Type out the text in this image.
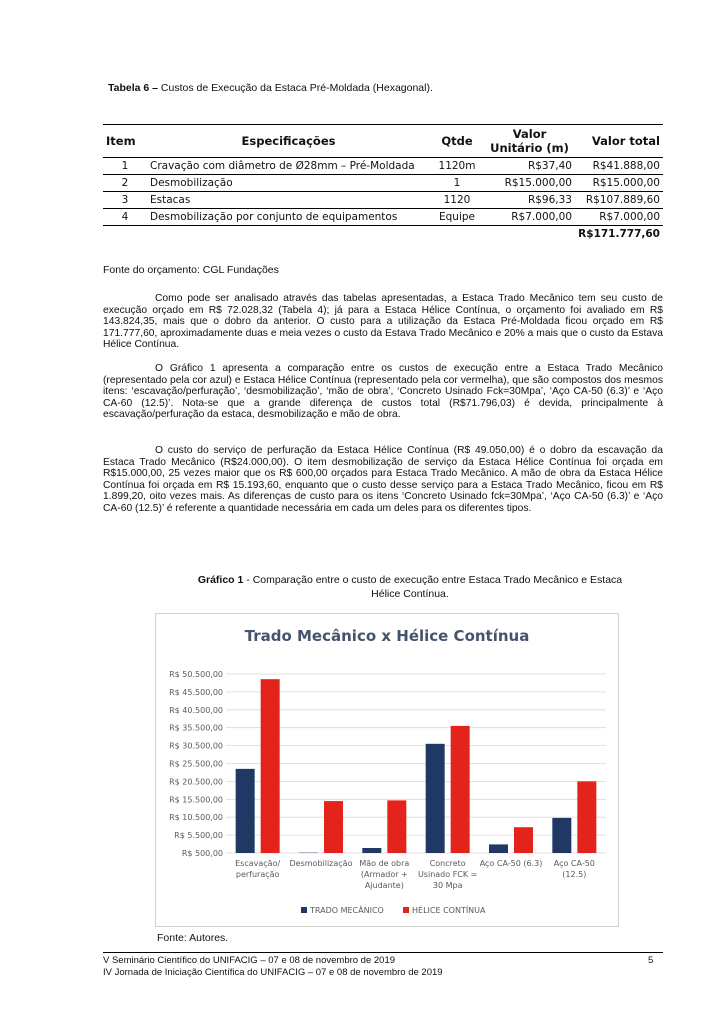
Tabela 6 – Custos de Execução da Estaca Pré-Moldada (Hexagonal).
Item	Especificações	Qtde	Valor Unitário (m)	Valor total
1	Cravação com diâmetro de Ø28mm – Pré-Moldada	1120m	R$37,40	R$41.888,00
2	Desmobilização	1	R$15.000,00	R$15.000,00
3	Estacas	1120	R$96,33	R$107.889,60
4	Desmobilização por conjunto de equipamentos	Equipe	R$7.000,00	R$7.000,00
				R$171.777,60
Fonte do orçamento: CGL Fundações

Como pode ser analisado através das tabelas apresentadas, a Estaca Trado Mecânico tem seu custo de execução orçado em R$ 72.028,32 (Tabela 4); já para a Estaca Hélice Contínua, o orçamento foi avaliado em R$ 143.824,35, mais que o dobro da anterior. O custo para a utilização da Estaca Pré-Moldada ficou orçado em R$ 171.777,60, aproximadamente duas e meia vezes o custo da Estava Trado Mecânico e 20% a mais que o custo da Estava Hélice Contínua.

O Gráfico 1 apresenta a comparação entre os custos de execução entre a Estaca Trado Mecânico (representado pela cor azul) e Estaca Hélice Contínua (representado pela cor vermelha), que são compostos dos mesmos itens: ‘escavação/perfuração’, ‘desmobilização’, ‘mão de obra’, ‘Concreto Usinado Fck=30Mpa’, ‘Aço CA-50 (6.3)’ e ‘Aço CA-60 (12.5)’. Nota-se que a grande diferença de custos total (R$71.796,03) é devida, principalmente à escavação/perfuração da estaca, desmobilização e mão de obra.

O custo do serviço de perfuração da Estaca Hélice Contínua (R$ 49.050,00) é o dobro da escavação da Estaca Trado Mecânico (R$24.000,00). O item desmobilização de serviço da Estaca Hélice Contínua foi orçada em R$15.000,00, 25 vezes maior que os R$ 600,00 orçados para Estaca Trado Mecânico. A mão de obra da Estaca Hélice Contínua foi orçada em R$ 15.193,60, enquanto que o custo desse serviço para a Estaca Trado Mecânico, ficou em R$ 1.899,20, oito vezes mais. As diferenças de custo para os itens ‘Concreto Usinado fck=30Mpa’, ‘Aço CA-50 (6.3)’ e ‘Aço CA-60 (12.5)’ é referente a quantidade necessária em cada um deles para os diferentes tipos.

Gráfico 1 - Comparação entre o custo de execução entre Estaca Trado Mecânico e Estaca
Hélice Contínua.
Trado Mecânico x Hélice Contínua
R$ 500,00
R$ 5.500,00
R$ 10.500,00
R$ 15.500,00
R$ 20.500,00
R$ 25.500,00
R$ 30.500,00
R$ 35.500,00
R$ 40.500,00
R$ 45.500,00
R$ 50.500,00
Escavação/
perfuração
Desmobilização Mão de obra
(Armador +
Ajudante)
Concreto
Usinado FCK =
30 Mpa
Aço CA-50 (6.3) Aço CA-50
(12.5)
TRADO MECÂNICO	HÉLICE CONTÍNUA
Fonte: Autores.
V Seminário Científico do UNIFACIG – 07 e 08 de novembro de 2019
IV Jornada de Iniciação Científica do UNIFACIG – 07 e 08 de novembro de 2019
5
